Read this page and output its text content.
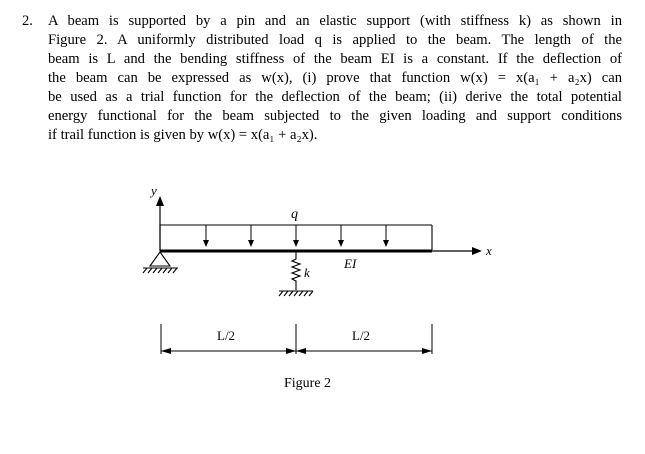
2. A beam is supported by a pin and an elastic support (with stiffness k) as shown in
Figure 2. A uniformly distributed load q is applied to the beam. The length of the
beam is L and the bending stiffness of the beam EI is a constant. If the deflection of
the beam can be expressed as w(x), (i) prove that function w(x) = x(a₁ + a₂x) can
be used as a trial function for the deflection of the beam; (ii) derive the total potential
energy functional for the beam subjected to the given loading and support conditions
if trail function is given by w(x) = x(a₁ + a₂x).
y
q
x
k
EI
L/2	L/2
Figure 2
